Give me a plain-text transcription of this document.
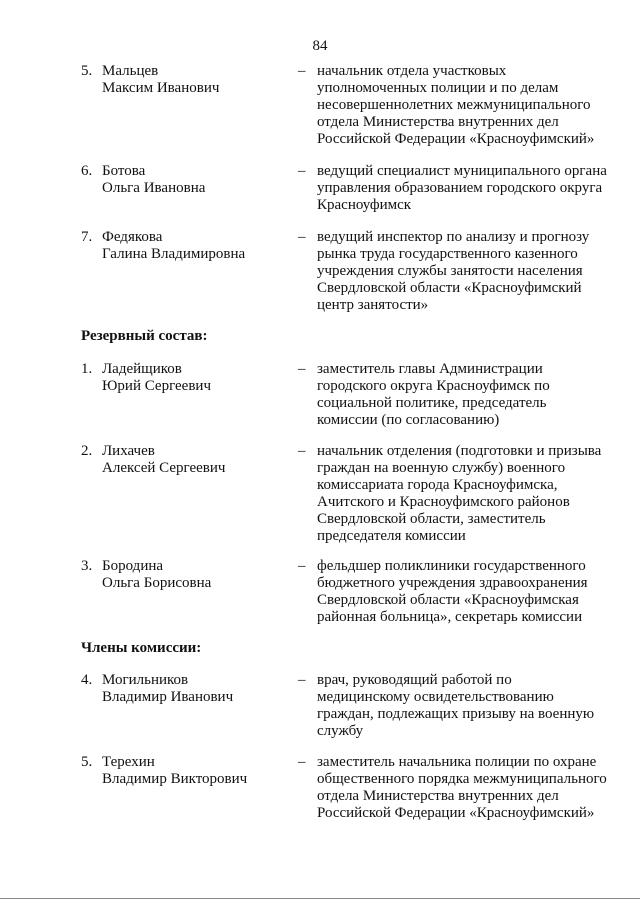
84
5. Мальцев
Максим Иванович
– начальник отдела участковых
уполномоченных полиции и по делам
несовершеннолетних межмуниципального
отдела Министерства внутренних дел
Российской Федерации «Красноуфимский»
6. Ботова
Ольга Ивановна
– ведущий специалист муниципального органа
управления образованием городского округа
Красноуфимск
7. Федякова
Галина Владимировна
– ведущий инспектор по анализу и прогнозу
рынка труда государственного казенного
учреждения службы занятости населения
Свердловской области «Красноуфимский
центр занятости»
Резервный состав:
1. Ладейщиков
Юрий Сергеевич
– заместитель главы Администрации
городского округа Красноуфимск по
социальной политике, председатель
комиссии (по согласованию)
2. Лихачев
Алексей Сергеевич
– начальник отделения (подготовки и призыва
граждан на военную службу) военного
комиссариата города Красноуфимска,
Ачитского и Красноуфимского районов
Свердловской области, заместитель
председателя комиссии
3. Бородина
Ольга Борисовна
– фельдшер поликлиники государственного
бюджетного учреждения здравоохранения
Свердловской области «Красноуфимская
районная больница», секретарь комиссии
Члены комиссии:
4. Могильников
Владимир Иванович
– врач, руководящий работой по
медицинскому освидетельствованию
граждан, подлежащих призыву на военную
службу
5. Терехин
Владимир Викторович
– заместитель начальника полиции по охране
общественного порядка межмуниципального
отдела Министерства внутренних дел
Российской Федерации «Красноуфимский»
